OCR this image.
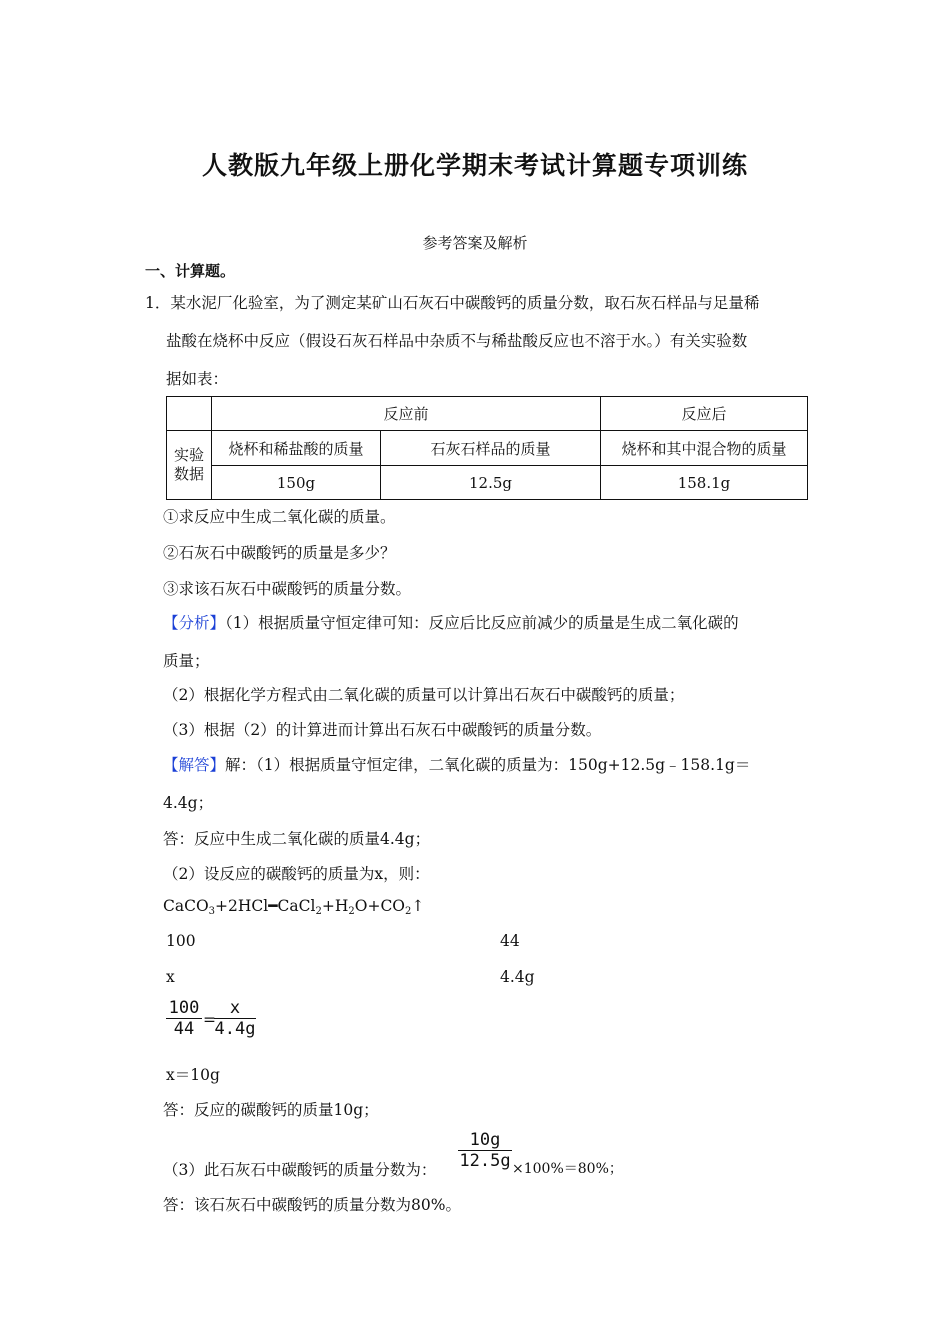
人教版九年级上册化学期末考试计算题专项训练
参考答案及解析
一、计算题。
1．某水泥厂化验室，为了测定某矿山石灰石中碳酸钙的质量分数，取石灰石样品与足量稀
盐酸在烧杯中反应（假设石灰石样品中杂质不与稀盐酸反应也不溶于水。）有关实验数
据如表：
	反应前		反应后
实验数据	烧杯和稀盐酸的质量	石灰石样品的质量	烧杯和其中混合物的质量
	150g	12.5g	158.1g
①求反应中生成二氧化碳的质量。
②石灰石中碳酸钙的质量是多少？
③求该石灰石中碳酸钙的质量分数。
【分析】（1）根据质量守恒定律可知：反应后比反应前减少的质量是生成二氧化碳的
质量；
（2）根据化学方程式由二氧化碳的质量可以计算出石灰石中碳酸钙的质量；
（3）根据（2）的计算进而计算出石灰石中碳酸钙的质量分数。
【解答】解：（1）根据质量守恒定律，二氧化碳的质量为：150g+12.5g﹣158.1g＝
4.4g；
答：反应中生成二氧化碳的质量4.4g；
（2）设反应的碳酸钙的质量为x，则：
$CaCO_3+2HCl━CaCl_2+H_2O+CO_2↑$
100	44
x	4.4g
100
44 =
x
4.4g
x＝10g
答：反应的碳酸钙的质量10g；
（3）此石灰石中碳酸钙的质量分数为：
10g
12.5g ×100%＝80%；
答：该石灰石中碳酸钙的质量分数为80%。
